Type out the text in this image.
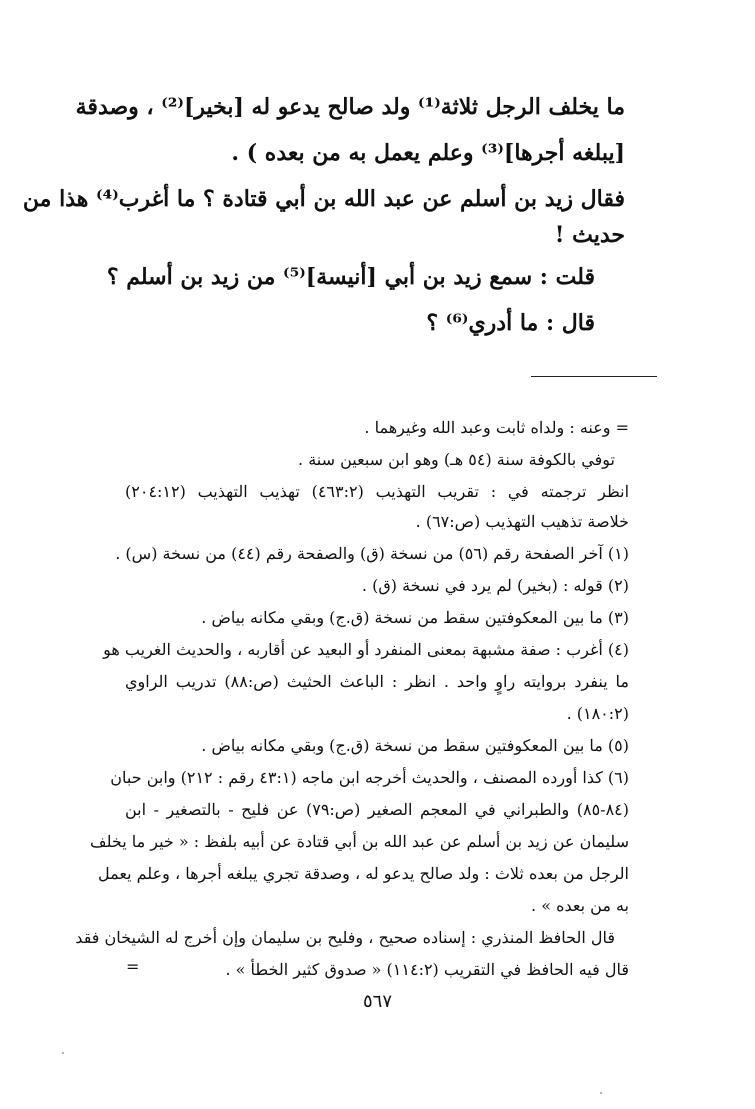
ما يخلف الرجل ثلاثة⁽¹⁾ ولد صالح يدعو له [بخير]⁽²⁾ ، وصدقة
[يبلغه أجرها]⁽³⁾ وعلم يعمل به من بعده ) .
فقال زيد بن أسلم عن عبد الله بن أبي قتادة ؟ ما أغرب⁽⁴⁾ هذا من
حديث !
قلت : سمع زيد بن أبي [أنيسة]⁽⁵⁾ من زيد بن أسلم ؟
قال : ما أدري⁽⁶⁾ ؟
= وعنه : ولداه ثابت وعبد الله وغيرهما .
توفي بالكوفة سنة (٥٤ هـ) وهو ابن سبعين سنة .
انظر ترجمته في : تقريب التهذيب (٤٦٣:٢) تهذيب التهذيب (٢٠٤:١٢)
خلاصة تذهيب التهذيب (ص:٦٧) .
(١) آخر الصفحة رقم (٥٦) من نسخة (ق) والصفحة رقم (٤٤) من نسخة (س) .
(٢) قوله : (بخير) لم يرد في نسخة (ق) .
(٣) ما بين المعكوفتين سقط من نسخة (ق.ج) وبقي مكانه بياض .
(٤) أغرب : صفة مشبهة بمعنى المنفرد أو البعيد عن أقاربه ، والحديث الغريب هو
ما ينفرد بروايته راوٍ واحد . انظر : الباعث الحثيث (ص:٨٨) تدريب الراوي
(١٨٠:٢) .
(٥) ما بين المعكوفتين سقط من نسخة (ق.ج) وبقي مكانه بياض .
(٦) كذا أورده المصنف ، والحديث أخرجه ابن ماجه (٤٣:١ رقم : ٢١٢) وابن حبان
(٨٤-٨٥) والطبراني في المعجم الصغير (ص:٧٩) عن فليح - بالتصغير - ابن
سليمان عن زيد بن أسلم عن عبد الله بن أبي قتادة عن أبيه بلفظ : « خير ما يخلف
الرجل من بعده ثلاث : ولد صالح يدعو له ، وصدقة تجري يبلغه أجرها ، وعلم يعمل
به من بعده » .
قال الحافظ المنذري : إسناده صحيح ، وفليح بن سليمان وإن أخرج له الشيخان فقد
قال فيه الحافظ في التقريب (١١٤:٢) « صدوق كثير الخطأ » .
=
٥٦٧
